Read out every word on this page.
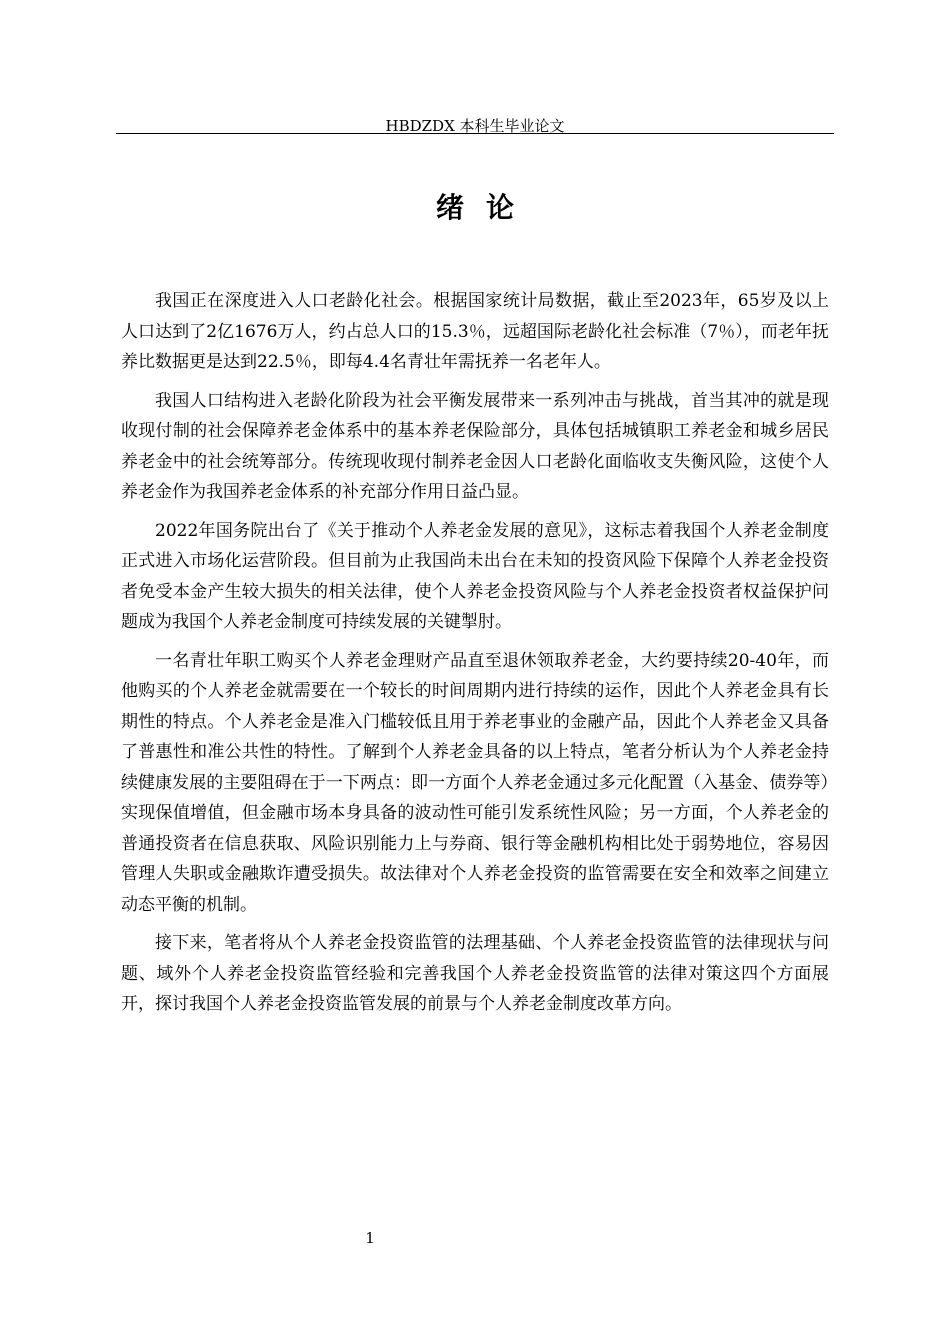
HBDZDX 本科生毕业论文
绪论

我国正在深度进入人口老龄化社会。根据国家统计局数据，截止至2023年，65岁及以上人口达到了2亿1676万人，约占总人口的15.3％，远超国际老龄化社会标准（7％），而老年抚养比数据更是达到22.5％，即每4.4名青壮年需抚养一名老年人。

我国人口结构进入老龄化阶段为社会平衡发展带来一系列冲击与挑战，首当其冲的就是现收现付制的社会保障养老金体系中的基本养老保险部分，具体包括城镇职工养老金和城乡居民养老金中的社会统筹部分。传统现收现付制养老金因人口老龄化面临收支失衡风险，这使个人养老金作为我国养老金体系的补充部分作用日益凸显。

2022年国务院出台了《关于推动个人养老金发展的意见》，这标志着我国个人养老金制度正式进入市场化运营阶段。但目前为止我国尚未出台在未知的投资风险下保障个人养老金投资者免受本金产生较大损失的相关法律，使个人养老金投资风险与个人养老金投资者权益保护问题成为我国个人养老金制度可持续发展的关键掣肘。

一名青壮年职工购买个人养老金理财产品直至退休领取养老金，大约要持续20-40年，而他购买的个人养老金就需要在一个较长的时间周期内进行持续的运作，因此个人养老金具有长期性的特点。个人养老金是准入门槛较低且用于养老事业的金融产品，因此个人养老金又具备了普惠性和准公共性的特性。了解到个人养老金具备的以上特点，笔者分析认为个人养老金持续健康发展的主要阻碍在于一下两点：即一方面个人养老金通过多元化配置（入基金、债券等）实现保值增值，但金融市场本身具备的波动性可能引发系统性风险；另一方面，个人养老金的普通投资者在信息获取、风险识别能力上与券商、银行等金融机构相比处于弱势地位，容易因管理人失职或金融欺诈遭受损失。故法律对个人养老金投资的监管需要在安全和效率之间建立动态平衡的机制。

接下来，笔者将从个人养老金投资监管的法理基础、个人养老金投资监管的法律现状与问题、域外个人养老金投资监管经验和完善我国个人养老金投资监管的法律对策这四个方面展开，探讨我国个人养老金投资监管发展的前景与个人养老金制度改革方向。

1
